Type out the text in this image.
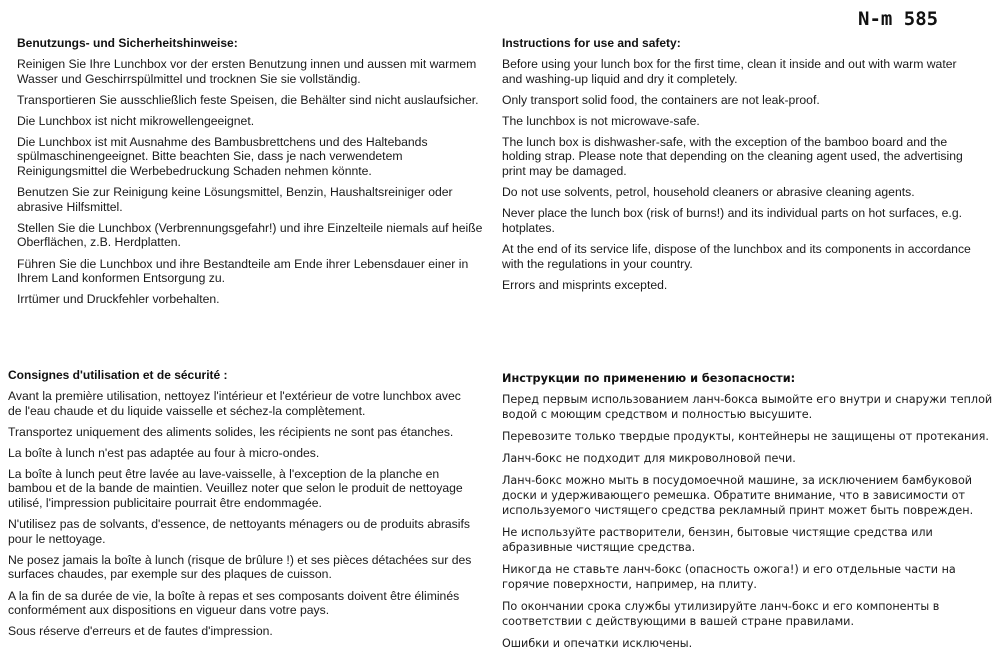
N-m 585
Benutzungs- und Sicherheitshinweise:

Reinigen Sie Ihre Lunchbox vor der ersten Benutzung innen und aussen mit warmem Wasser und Geschirrspülmittel und trocknen Sie sie vollständig.

Transportieren Sie ausschließlich feste Speisen, die Behälter sind nicht auslaufsicher.

Die Lunchbox ist nicht mikrowellengeeignet.

Die Lunchbox ist mit Ausnahme des Bambusbrettchens und des Haltebands spülmaschinengeeignet. Bitte beachten Sie, dass je nach verwendetem Reinigungsmittel die Werbebedruckung Schaden nehmen könnte.

Benutzen Sie zur Reinigung keine Lösungsmittel, Benzin, Haushaltsreiniger oder abrasive Hilfsmittel.

Stellen Sie die Lunchbox (Verbrennungsgefahr!) und ihre Einzelteile niemals auf heiße Oberflächen, z.B. Herdplatten.

Führen Sie die Lunchbox und ihre Bestandteile am Ende ihrer Lebensdauer einer in Ihrem Land konformen Entsorgung zu.

Irrtümer und Druckfehler vorbehalten.

Instructions for use and safety:

Before using your lunch box for the first time, clean it inside and out with warm water and washing-up liquid and dry it completely.

Only transport solid food, the containers are not leak-proof.

The lunchbox is not microwave-safe.

The lunch box is dishwasher-safe, with the exception of the bamboo board and the holding strap. Please note that depending on the cleaning agent used, the advertising print may be damaged.

Do not use solvents, petrol, household cleaners or abrasive cleaning agents.

Never place the lunch box (risk of burns!) and its individual parts on hot surfaces, e.g. hotplates.

At the end of its service life, dispose of the lunchbox and its components in accordance with the regulations in your country.

Errors and misprints excepted.

Consignes d'utilisation et de sécurité :

Avant la première utilisation, nettoyez l'intérieur et l'extérieur de votre lunchbox avec de l'eau chaude et du liquide vaisselle et séchez-la complètement.

Transportez uniquement des aliments solides, les récipients ne sont pas étanches.

La boîte à lunch n'est pas adaptée au four à micro-ondes.

La boîte à lunch peut être lavée au lave-vaisselle, à l'exception de la planche en bambou et de la bande de maintien. Veuillez noter que selon le produit de nettoyage utilisé, l'impression publicitaire pourrait être endommagée.

N'utilisez pas de solvants, d'essence, de nettoyants ménagers ou de produits abrasifs pour le nettoyage.

Ne posez jamais la boîte à lunch (risque de brûlure !) et ses pièces détachées sur des surfaces chaudes, par exemple sur des plaques de cuisson.

A la fin de sa durée de vie, la boîte à repas et ses composants doivent être éliminés conformément aux dispositions en vigueur dans votre pays.

Sous réserve d'erreurs et de fautes d'impression.

Инструкции по применению и безопасности:

Перед первым использованием ланч-бокса вымойте его внутри и снаружи теплой водой с моющим средством и полностью высушите.

Перевозите только твердые продукты, контейнеры не защищены от протекания.

Ланч-бокс не подходит для микроволновой печи.

Ланч-бокс можно мыть в посудомоечной машине, за исключением бамбуковой доски и удерживающего ремешка. Обратите внимание, что в зависимости от используемого чистящего средства рекламный принт может быть поврежден.

Не используйте растворители, бензин, бытовые чистящие средства или абразивные чистящие средства.

Никогда не ставьте ланч-бокс (опасность ожога!) и его отдельные части на горячие поверхности, например, на плиту.

По окончании срока службы утилизируйте ланч-бокс и его компоненты в соответствии с действующими в вашей стране правилами.

Ошибки и опечатки исключены.
